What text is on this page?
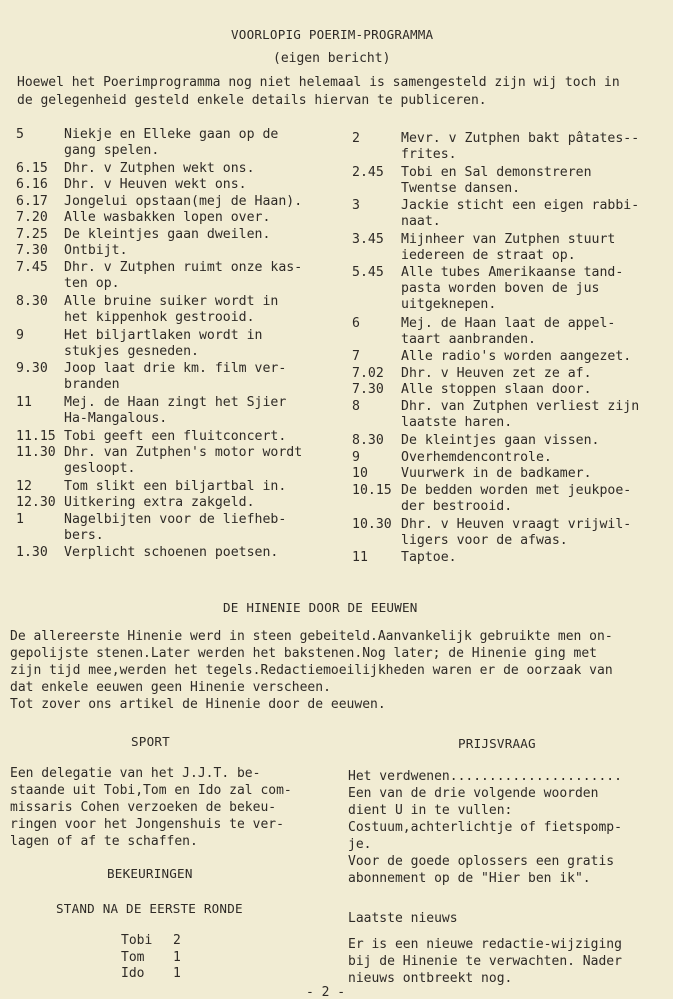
VOORLOPIG POERIM-PROGRAMMA
(eigen bericht)
Hoewel het Poerimprogramma nog niet helemaal is samengesteld zijn wij toch in
de gelegenheid gesteld enkele details hiervan te publiceren.
5	Niekje en Elleke gaan op de
gang spelen.
6.15 Dhr. v Zutphen wekt ons.
6.16 Dhr. v Heuven wekt ons.
6.17 Jongelui opstaan(mej de Haan).
7.20 Alle wasbakken lopen over.
7.25 De kleintjes gaan dweilen.
7.30 Ontbijt.
7.45 Dhr. v Zutphen ruimt onze kas-
ten op.
8.30 Alle bruine suiker wordt in
het kippenhok gestrooid.
9	Het biljartlaken wordt in
stukjes gesneden.
9.30 Joop laat drie km. film ver-
branden
11 Mej. de Haan zingt het Sjier
Ha-Mangalous.
11.15 Tobi geeft een fluitconcert.
11.30 Dhr. van Zutphen's motor wordt
gesloopt.
12 Tom slikt een biljartbal in.
12.30 Uitkering extra zakgeld.
1	Nagelbijten voor de liefheb-
bers.
1.30 Verplicht schoenen poetsen.
2	Mevr. v Zutphen bakt pâtates--
frites.
2.45 Tobi en Sal demonstreren
Twentse dansen.
3	Jackie sticht een eigen rabbi-
naat.
3.45 Mijnheer van Zutphen stuurt
iedereen de straat op.
5.45 Alle tubes Amerikaanse tand-
pasta worden boven de jus
uitgeknepen.
6	Mej. de Haan laat de appel-
taart aanbranden.
7	Alle radio's worden aangezet.
7.02 Dhr. v Heuven zet ze af.
7.30 Alle stoppen slaan door.
8	Dhr. van Zutphen verliest zijn
laatste haren.
8.30 De kleintjes gaan vissen.
9	Overhemdencontrole.
10	Vuurwerk in de badkamer.
10.15 De bedden worden met jeukpoe-
der bestrooid.
10.30 Dhr. v Heuven vraagt vrijwil-
ligers voor de afwas.
11	Taptoe.
DE HINENIE DOOR DE EEUWEN
De allereerste Hinenie werd in steen gebeiteld.Aanvankelijk gebruikte men on-
gepolijste stenen.Later werden het bakstenen.Nog later; de Hinenie ging met
zijn tijd mee,werden het tegels.Redactiemoeilijkheden waren er de oorzaak van
dat enkele eeuwen geen Hinenie verscheen.
Tot zover ons artikel de Hinenie door de eeuwen.
SPORT
Een delegatie van het J.J.T. be-
staande uit Tobi,Tom en Ido zal com-
missaris Cohen verzoeken de bekeu-
ringen voor het Jongenshuis te ver-
lagen of af te schaffen.
BEKEURINGEN
STAND NA DE EERSTE RONDE
Tobi 2
Tom 1
Ido 1
PRIJSVRAAG
Het verdwenen......................
Een van de drie volgende woorden
dient U in te vullen:
Costuum,achterlichtje of fietspomp-
je.
Voor de goede oplossers een gratis
abonnement op de "Hier ben ik".
Laatste nieuws
Er is een nieuwe redactie-wijziging
bij de Hinenie te verwachten. Nader
nieuws ontbreekt nog.
- 2 -
